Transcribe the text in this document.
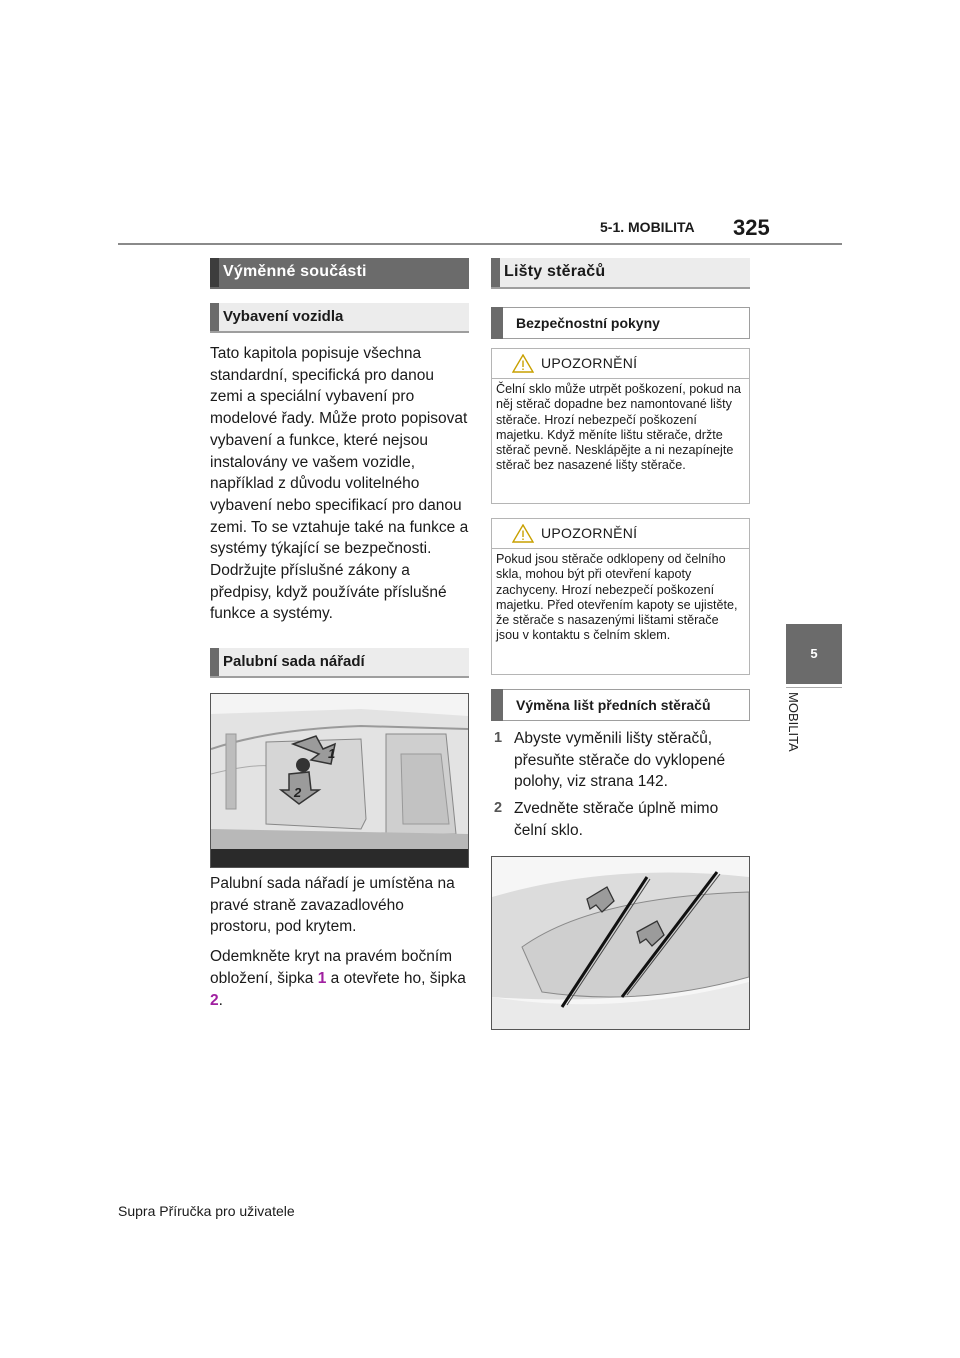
5-1. MOBILITA 325
5
MOBILITA
Výměnné součásti
Vybavení vozidla

Tato kapitola popisuje všechna standardní, specifická pro danou zemi a speciální vybavení pro modelové řady. Může proto popisovat vybavení a funkce, které nejsou instalovány ve vašem vozidle, například z důvodu volitelného vybavení nebo specifikací pro danou zemi. To se vztahuje také na funkce a systémy týkající se bezpečnosti. Dodržujte příslušné zákony a předpisy, když používáte příslušné funkce a systémy.

Palubní sada nářadí
1
2

Palubní sada nářadí je umístěna na pravé straně zavazadlového prostoru, pod krytem.

Odemkněte kryt na pravém bočním obložení, šipka 1 a otevřete ho, šipka 2.

Lišty stěračů
Bezpečnostní pokyny
UPOZORNĚNÍ
Čelní sklo může utrpět poškození, pokud na něj stěrač dopadne bez namontované lišty stěrače. Hrozí nebezpečí poškození majetku. Když měníte lištu stěrače, držte stěrač pevně. Nesklápějte a ni nezapínejte stěrač bez nasazené lišty stěrače.
UPOZORNĚNÍ
Pokud jsou stěrače odklopeny od čelního skla, mohou být při otevření kapoty zachyceny. Hrozí nebezpečí poškození majetku. Před otevřením kapoty se ujistěte, že stěrače s nasazenými lištami stěrače jsou v kontaktu s čelním sklem.
Výměna lišt předních stěračů
1 Abyste vyměnili lišty stěračů, přesuňte stěrače do vyklopené polohy, viz strana 142.
2 Zvedněte stěrače úplně mimo čelní sklo.
Supra Příručka pro uživatele
